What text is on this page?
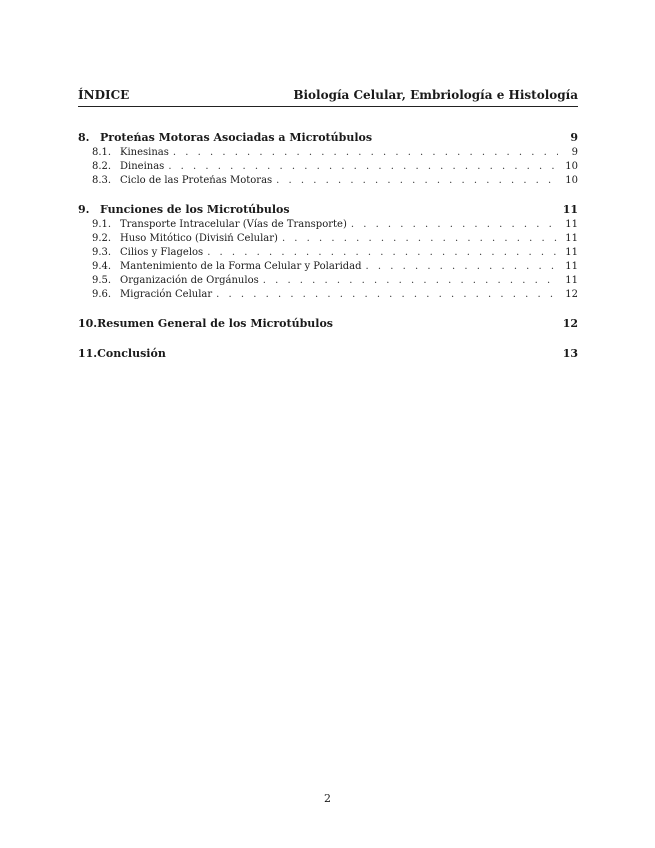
ÍNDICE	Biología Celular, Embriología e Histología
8. Proteńas Motoras Asociadas a Microtúbulos	9
8.1. Kinesinas . . .	9
8.2. Dineinas . . .	10
8.3. Ciclo de las Proteńas Motoras . . .	10
9. Funciones de los Microtúbulos	11
9.1. Transporte Intracelular (Vías de Transporte) . . .	11
9.2. Huso Mitótico (Divisiń Celular) . . .	11
9.3. Cilios y Flagelos . . .	11
9.4. Mantenimiento de la Forma Celular y Polaridad . . .	11
9.5. Organización de Orgánulos . . .	11
9.6. Migración Celular . . .	12
10. Resumen General de los Microtúbulos	12
11. Conclusión	13
2
